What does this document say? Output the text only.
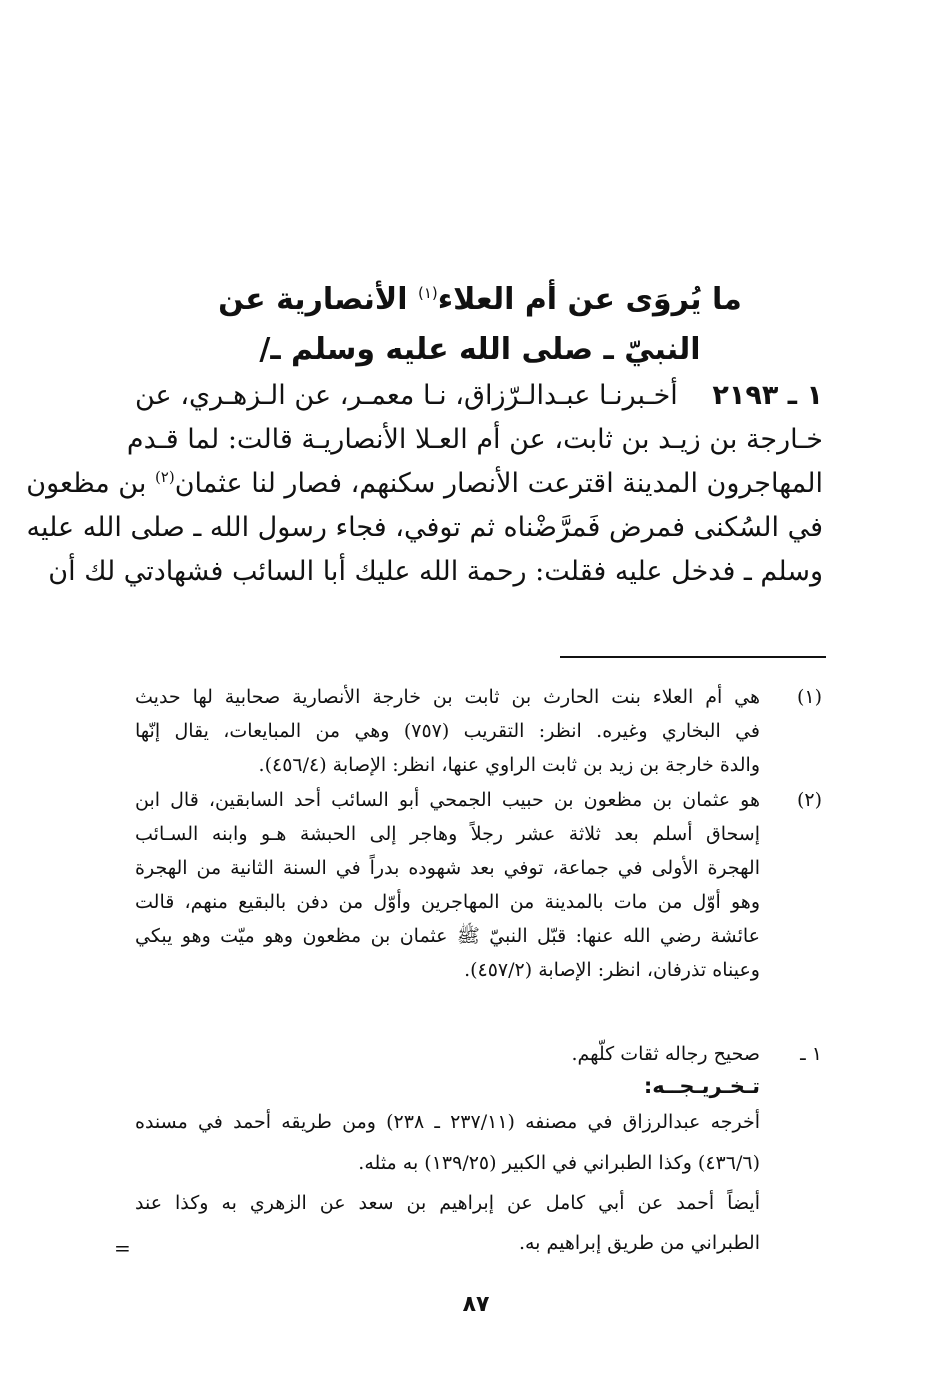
ما يُروَى عن أم العلاء$^{(١)}$ الأنصارية عن
النبيّ ـ صلى الله عليه وسلم ـ/
١ ـ ٢١٩٣    أخـبرنـا عبـدالـرّزاق، نـا معمـر، عن الـزهـري، عن
خـارجة بن زيـد بن ثابت، عن أم العـلا الأنصاريـة قالت: لما قـدم
المهاجرون المدينة اقترعت الأنصار سكنهم، فصار لنا عثمان$^{(٢)}$ بن مظعون
في السُكنى فمرض فَمرَّضْناه ثم توفي، فجاء رسول الله ـ صلى الله عليه
وسلم ـ فدخل عليه فقلت: رحمة الله عليك أبا السائب فشهادتي لك أن
(١)
هي أم العلاء بنت الحارث بن ثابت بن خارجة الأنصارية صحابية لها حديث
في البخاري وغيره. انظر: التقريب (٧٥٧) وهي من المبايعات، يقال إنّها
والدة خارجة بن زيد بن ثابت الراوي عنها، انظر: الإصابة (٤٥٦/٤).
(٢)
هو عثمان بن مظعون بن حبيب الجمحي أبو السائب أحد السابقين، قال ابن
إسحاق أسلم بعد ثلاثة عشر رجلاً وهاجر إلى الحبشة هـو وابنه السـائب
الهجرة الأولى في جماعة، توفي بعد شهوده بدراً في السنة الثانية من الهجرة
وهو أوّل من مات بالمدينة من المهاجرين وأوّل من دفن بالبقيع منهم، قالت
عائشة رضي الله عنها: قبّل النبيّ ﷺ عثمان بن مظعون وهو ميّت وهو يبكي
وعيناه تذرفان، انظر: الإصابة (٤٥٧/٢).
١ ـ
صحيح رجاله ثقات كلّهم.
تـخـريـجــه:
أخرجه عبدالرزاق في مصنفه (٢٣٧/١١ ـ ٢٣٨) ومن طريقه أحمد في مسنده
(٤٣٦/٦) وكذا الطبراني في الكبير (١٣٩/٢٥) به مثله.
أيضاً أحمد عن أبي كامل عن إبراهيم بن سعد عن الزهري به وكذا عند
الطبراني من طريق إبراهيم به.
=
٨٧
